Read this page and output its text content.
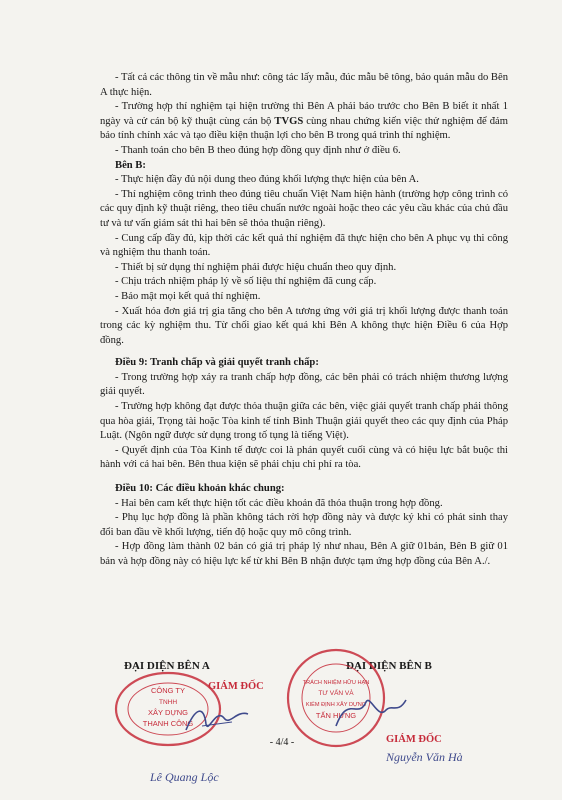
- Tất cả các thông tin về mẫu như: công tác lấy mẫu, đúc mẫu bê tông, bảo quản mẫu do Bên A thực hiện.

- Trường hợp thí nghiệm tại hiện trường thì Bên A phải báo trước cho Bên B biết ít nhất 1 ngày và cử cán bộ kỹ thuật cùng cán bộ TVGS cùng nhau chứng kiến việc thử nghiệm để đảm bảo tính chính xác và tạo điều kiện thuận lợi cho bên B trong quá trình thí nghiệm.

- Thanh toán cho bên B theo đúng hợp đồng quy định như ở điều 6.

Bên B:

- Thực hiện đầy đủ nội dung theo đúng khối lượng thực hiện của bên A.

- Thí nghiệm công trình theo đúng tiêu chuẩn Việt Nam hiện hành (trường hợp công trình có các quy định kỹ thuật riêng, theo tiêu chuẩn nước ngoài hoặc theo các yêu cầu khác của chủ đầu tư và tư vấn giám sát thì hai bên sẽ thỏa thuận riêng).

- Cung cấp đầy đủ, kịp thời các kết quả thí nghiệm đã thực hiện cho bên A phục vụ thi công và nghiệm thu thanh toán.

- Thiết bị sử dụng thí nghiệm phải được hiệu chuẩn theo quy định.

- Chịu trách nhiệm pháp lý về số liệu thí nghiệm đã cung cấp.

- Bảo mật mọi kết quả thí nghiệm.

- Xuất hóa đơn giá trị gia tăng cho bên A tương ứng với giá trị khối lượng được thanh toán trong các kỳ nghiệm thu. Từ chối giao kết quả khi Bên A không thực hiện Điều 6 của Hợp đồng.

Điều 9: Tranh chấp và giải quyết tranh chấp:

- Trong trường hợp xảy ra tranh chấp hợp đồng, các bên phải có trách nhiệm thương lượng giải quyết.

- Trường hợp không đạt được thỏa thuận giữa các bên, việc giải quyết tranh chấp phải thông qua hòa giải, Trọng tài hoặc Tòa kinh tế tỉnh Bình Thuận giải quyết theo các quy định của Pháp Luật. (Ngôn ngữ được sử dụng trong tố tụng là tiếng Việt).

- Quyết định của Tòa Kinh tế được coi là phán quyết cuối cùng và có hiệu lực bắt buộc thi hành với cả hai bên. Bên thua kiện sẽ phải chịu chi phí ra tòa.

Điều 10: Các điều khoản khác chung:

- Hai bên cam kết thực hiện tốt các điều khoản đã thỏa thuận trong hợp đồng.

- Phụ lục hợp đồng là phần không tách rời hợp đồng này và được ký khi có phát sinh thay đổi ban đầu về khối lượng, tiến độ hoặc quy mô công trình.

- Hợp đồng làm thành 02 bản có giá trị pháp lý như nhau, Bên A giữ 01bản, Bên B giữ 01 bản và hợp đồng này có hiệu lực kể từ khi Bên B nhận được tạm ứng hợp đồng của Bên A./.

ĐẠI DIỆN BÊN A
CÔNG TY
TNHH
XÂY DỰNG
THANH CÔNG
GIÁM ĐỐC
Lê Quang Lộc
ĐẠI DIỆN BÊN B
TRÁCH NHIỆM HỮU HẠN
TƯ VẤN VÀ
KIỂM ĐỊNH XÂY DỰNG
TẤN HƯNG
GIÁM ĐỐC
Nguyễn Văn Hà
- 4/4 -
